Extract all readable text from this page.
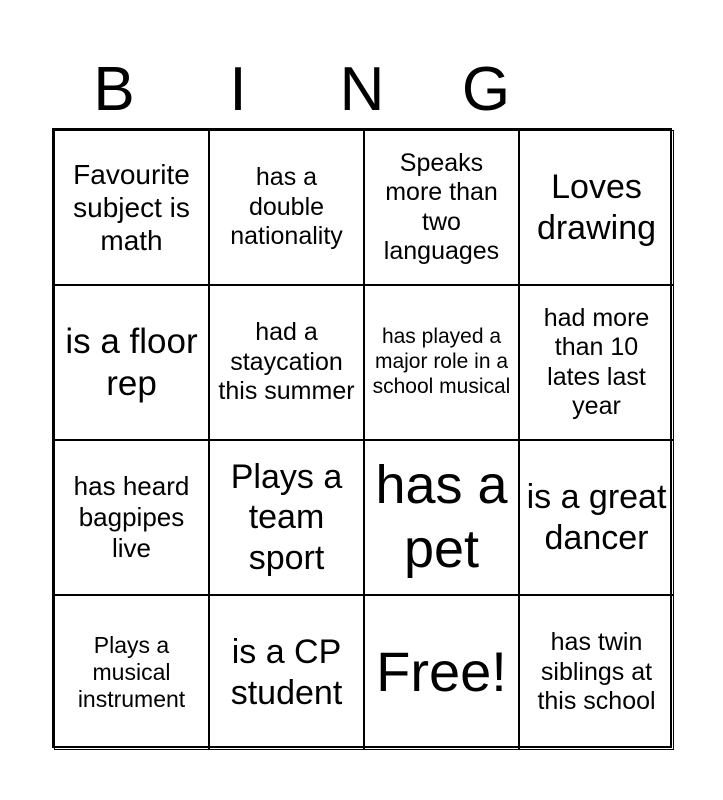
B	I	N	G
Favourite subject is math
has a double nationality
Speaks more than two languages
Loves drawing
is a floor rep
had a staycation this summer
has played a major role in a school musical
had more than 10 lates last year
has heard bagpipes live
Plays a team sport
has a pet
is a great dancer
Plays a musical instrument
is a CP student Free!	has twin siblings at this school
